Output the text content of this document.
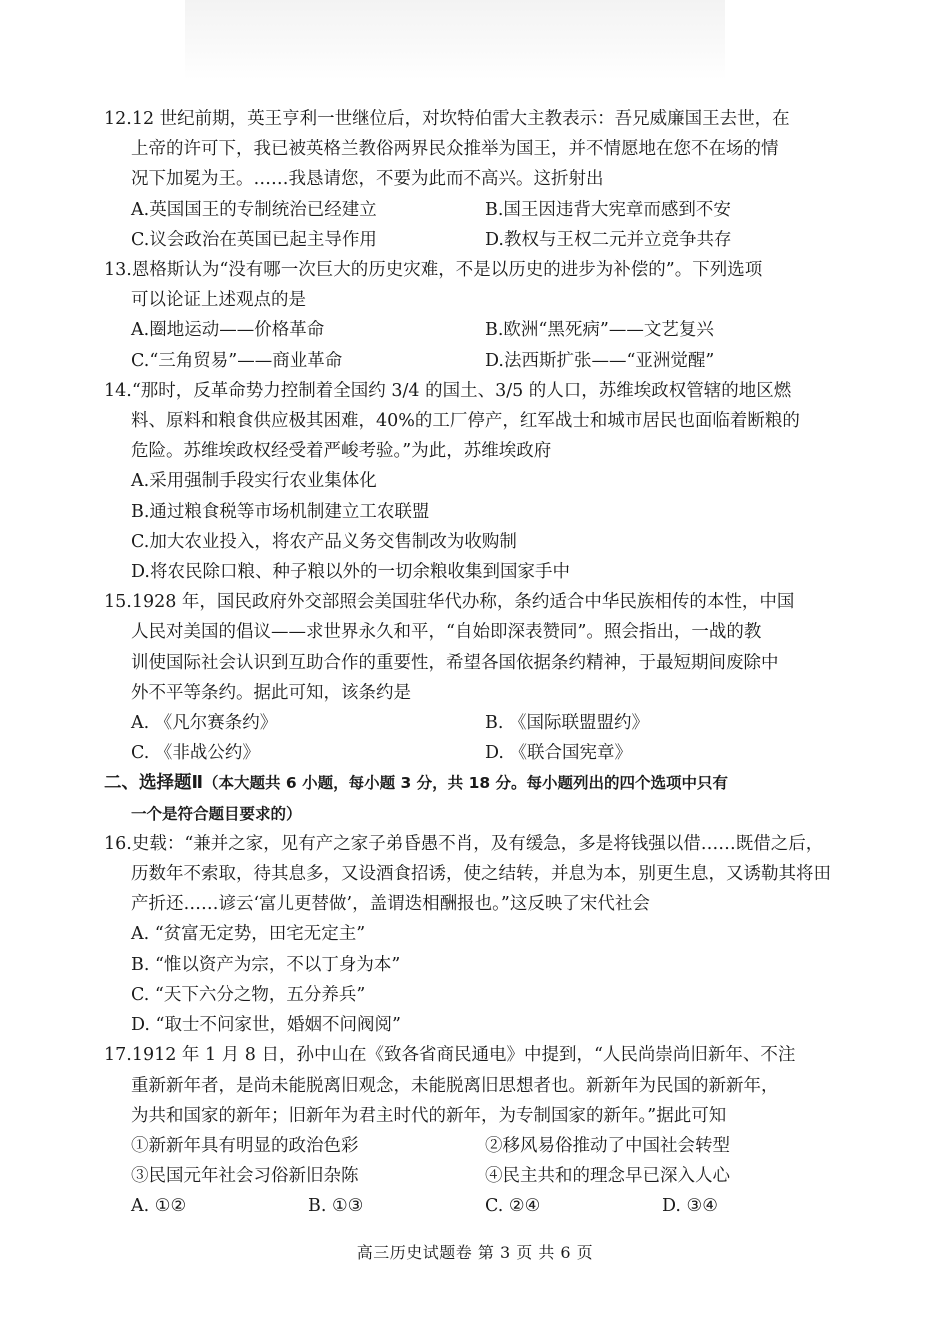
12.12 世纪前期，英王亨利一世继位后，对坎特伯雷大主教表示：吾兄威廉国王去世，在
上帝的许可下，我已被英格兰教俗两界民众推举为国王，并不情愿地在您不在场的情
况下加冕为王。……我恳请您，不要为此而不高兴。这折射出
A.英国国王的专制统治已经建立	B.国王因违背大宪章而感到不安
C.议会政治在英国已起主导作用	D.教权与王权二元并立竞争共存
13.恩格斯认为“没有哪一次巨大的历史灾难，不是以历史的进步为补偿的”。下列选项
可以论证上述观点的是
A.圈地运动——价格革命	B.欧洲“黑死病”——文艺复兴
C.“三角贸易”——商业革命	D.法西斯扩张——“亚洲觉醒”
14.“那时，反革命势力控制着全国约 3/4 的国土、3/5 的人口，苏维埃政权管辖的地区燃
料、原料和粮食供应极其困难，40%的工厂停产，红军战士和城市居民也面临着断粮的
危险。苏维埃政权经受着严峻考验。”为此，苏维埃政府
A.采用强制手段实行农业集体化
B.通过粮食税等市场机制建立工农联盟
C.加大农业投入，将农产品义务交售制改为收购制
D.将农民除口粮、种子粮以外的一切余粮收集到国家手中
15.1928 年，国民政府外交部照会美国驻华代办称，条约适合中华民族相传的本性，中国
人民对美国的倡议——求世界永久和平，“自始即深表赞同”。照会指出，一战的教
训使国际社会认识到互助合作的重要性，希望各国依据条约精神，于最短期间废除中
外不平等条约。据此可知，该条约是
A. 《凡尔赛条约》	B. 《国际联盟盟约》
C. 《非战公约》	D. 《联合国宪章》
二、选择题Ⅱ（本大题共 6 小题，每小题 3 分，共 18 分。每小题列出的四个选项中只有
一个是符合题目要求的）
16.史载：“兼并之家，见有产之家子弟昏愚不肖，及有缓急，多是将钱强以借……既借之后，
历数年不索取，待其息多，又设酒食招诱，使之结转，并息为本，别更生息，又诱勒其将田
产折还……谚云‘富儿更替做’，盖谓迭相酬报也。”这反映了宋代社会
A. “贫富无定势，田宅无定主”
B. “惟以资产为宗，不以丁身为本”
C. “天下六分之物，五分养兵”
D. “取士不问家世，婚姻不问阀阅”
17.1912 年 1 月 8 日，孙中山在《致各省商民通电》中提到，“人民尚崇尚旧新年、不注
重新新年者，是尚未能脱离旧观念，未能脱离旧思想者也。新新年为民国的新新年，
为共和国家的新年；旧新年为君主时代的新年，为专制国家的新年。”据此可知
①新新年具有明显的政治色彩	②移风易俗推动了中国社会转型
③民国元年社会习俗新旧杂陈	④民主共和的理念早已深入人心
A. ①②	B. ①③	C. ②④	D. ③④
高三历史试题卷 第 3 页 共 6 页
